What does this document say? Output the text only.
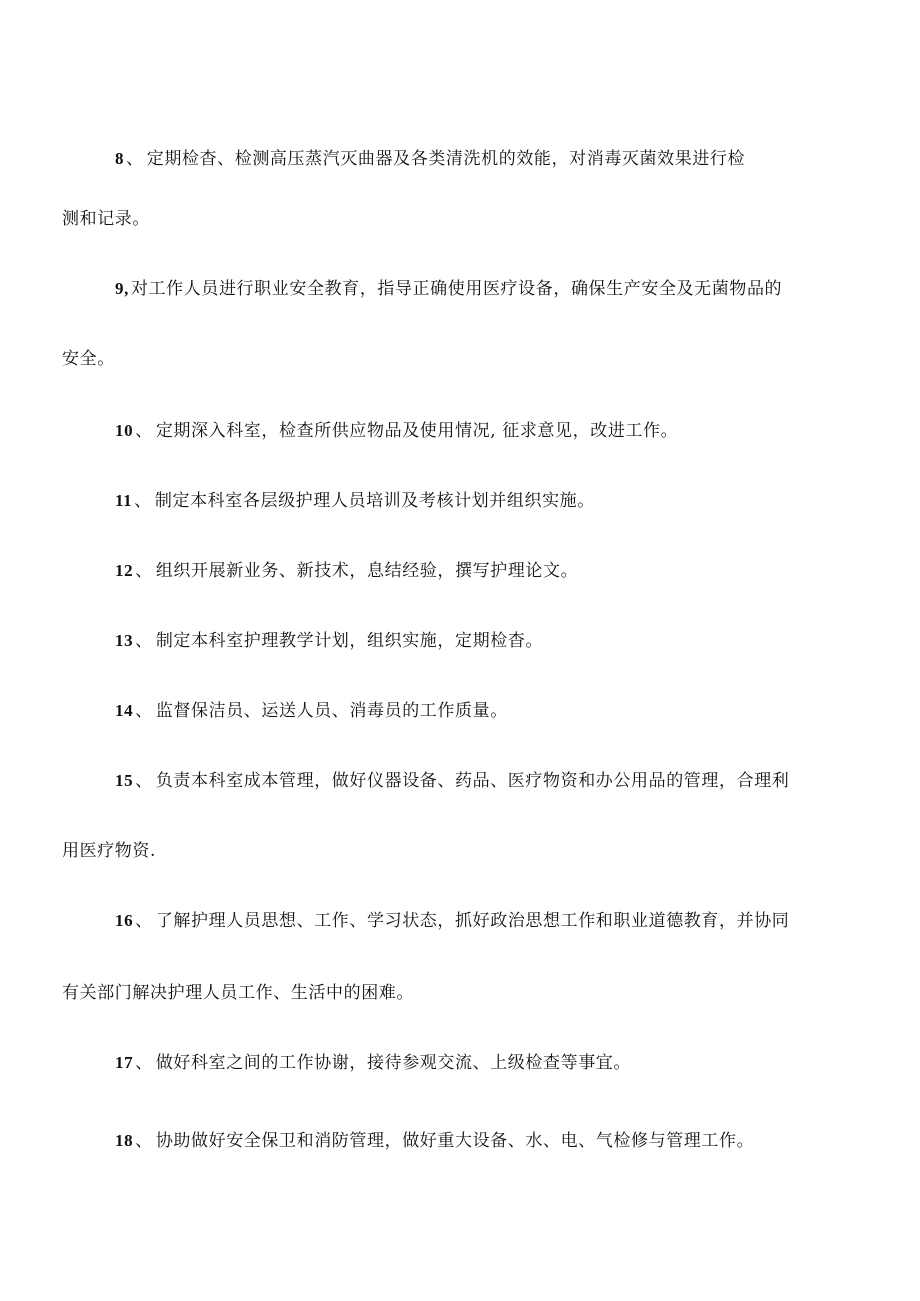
8 、 定期检杳、检测高压蒸汽灭曲器及各类清洗机的效能，对消毒灭菌效果进行检
测和记录。
9, 对工作人员进行职业安全教育，指导正确使用医疗设备，确保生产安全及无菌物品的
安全。
10 、 定期深入科室，检查所供应物品及使用情况, 征求意见，改进工作。
11 、 制定本科室各层级护理人员培训及考核计划并组织实施。
12 、 组织开展新业务、新技术，息结经验，撰写护理论文。
13 、 制定本科室护理教学计划，组织实施，定期检杳。
14 、 监督保洁员、运送人员、消毒员的工作质量。
15 、 负责本科室成本管理，做好仪器设备、药品、医疗物资和办公用品的管理，合理利
用医疗物资.
16 、 了解护理人员思想、工作、学习状态，抓好政治思想工作和职业道德教育，并协同
有关部门解决护理人员工作、生活中的困难。
17 、 做好科室之间的工作协谢，接待参观交流、上级检查等事宜。
18 、 协助做好安全保卫和消防管理，做好重大设备、水、电、气检修与管理工作。
